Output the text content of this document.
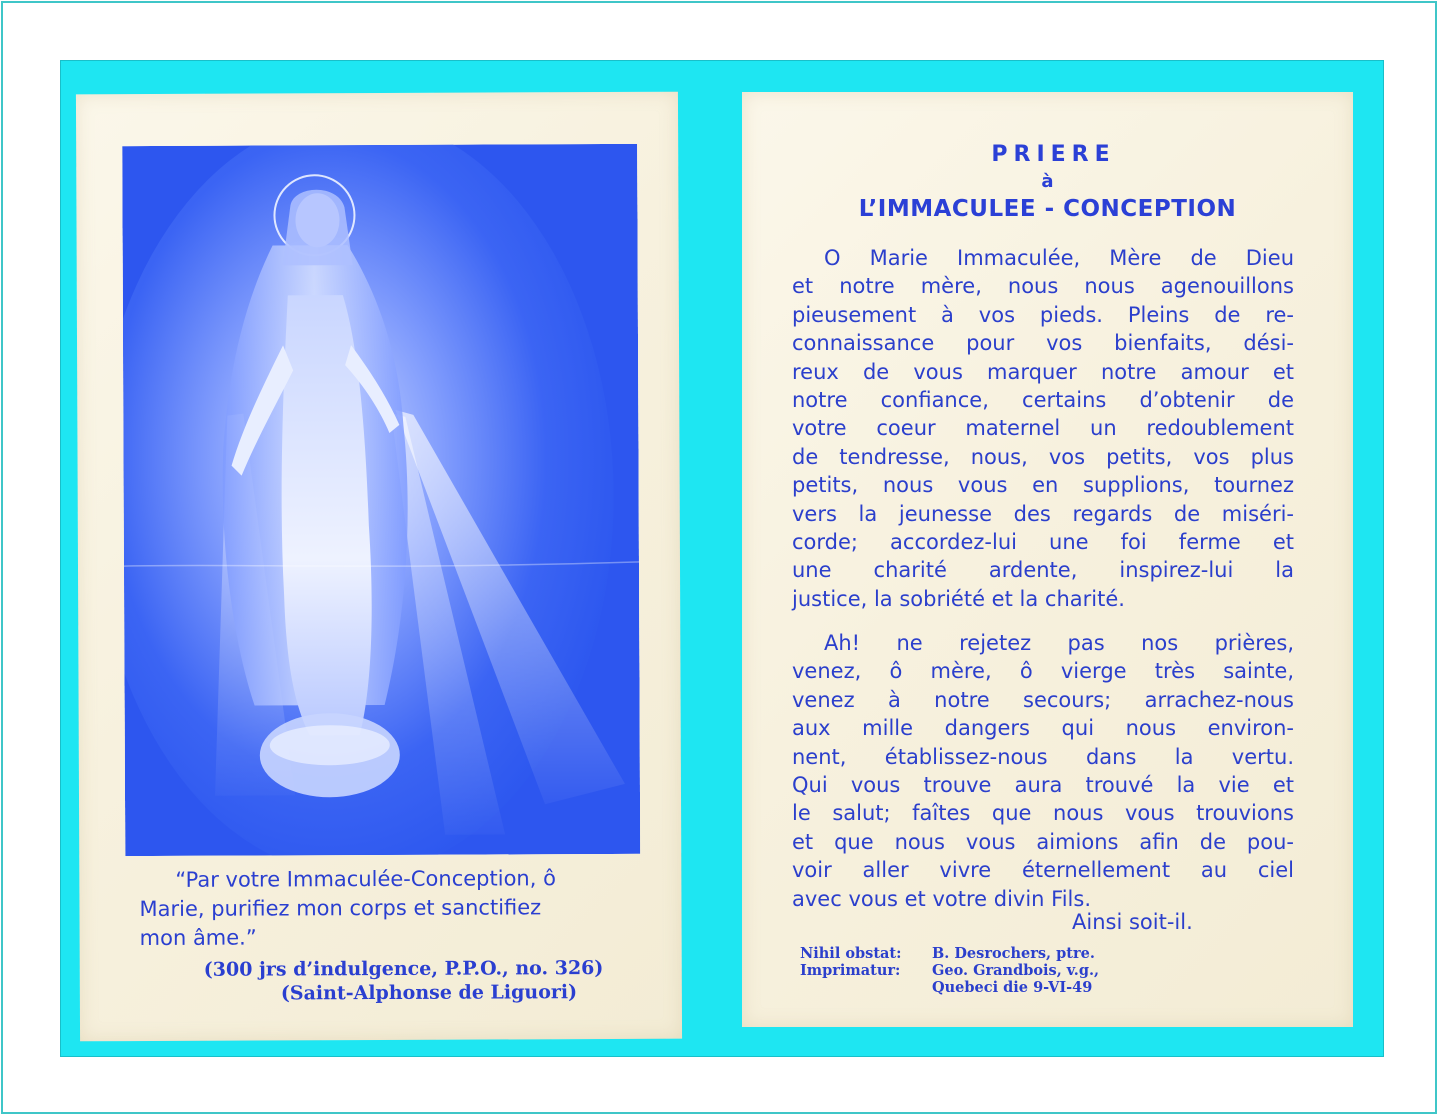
“Par votre Immaculée-Conception, ô
Marie, purifiez mon corps et sanctifiez
mon âme.”
(300 jrs d’indulgence, P.P.O., no. 326)
(Saint-Alphonse de Liguori)
PRIERE
à
L’IMMACULEE - CONCEPTION
O Marie Immaculée, Mère de Dieu
et notre mère, nous nous agenouillons
pieusement à vos pieds. Pleins de re-
connaissance pour vos bienfaits, dési-
reux de vous marquer notre amour et
notre confiance, certains d’obtenir de
votre coeur maternel un redoublement
de tendresse, nous, vos petits, vos plus
petits, nous vous en supplions, tournez
vers la jeunesse des regards de miséri-
corde; accordez-lui une foi ferme et
une charité ardente, inspirez-lui la
justice, la sobriété et la charité.
Ah! ne rejetez pas nos prières,
venez, ô mère, ô vierge très sainte,
venez à notre secours; arrachez-nous
aux mille dangers qui nous environ-
nent, établissez-nous dans la vertu.
Qui vous trouve aura trouvé la vie et
le salut; faîtes que nous vous trouvions
et que nous vous aimions afin de pou-
voir aller vivre éternellement au ciel
avec vous et votre divin Fils.
Ainsi soit-il.
Nihil obstat:	B. Desrochers, ptre.
Imprimatur:	Geo. Grandbois, v.g.,
Quebeci die 9-VI-49
